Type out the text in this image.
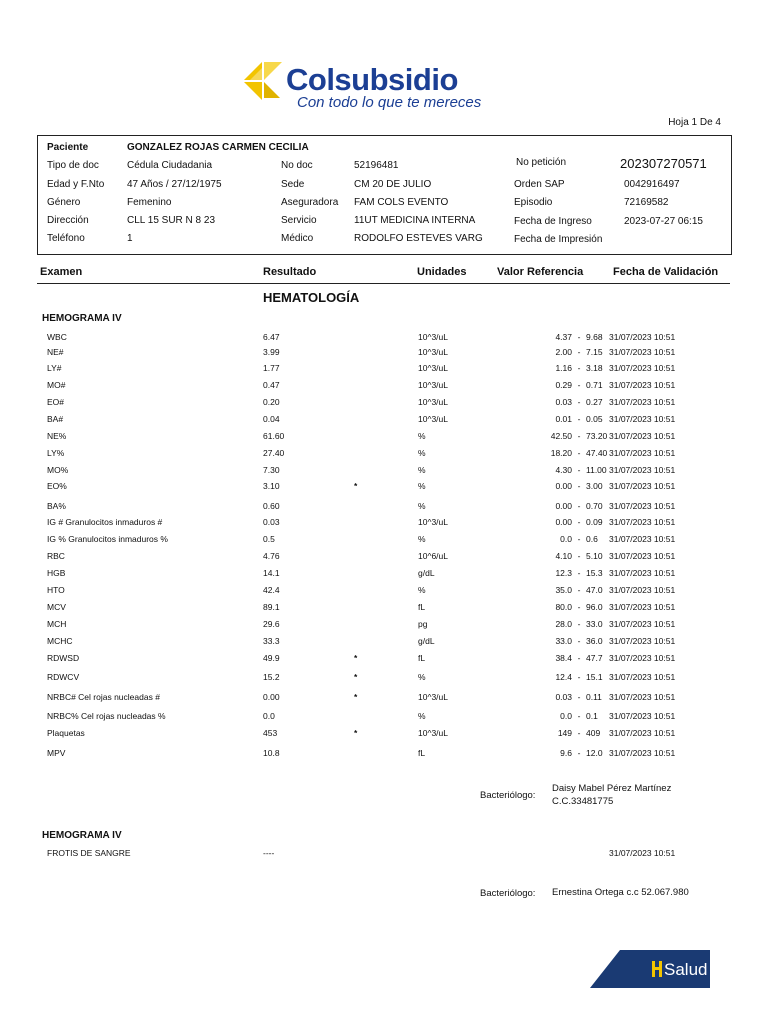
Colsubsidio
Con todo lo que te mereces
Hoja 1 De 4
Paciente	GONZALEZ ROJAS CARMEN CECILIA
Tipo de doc	Cédula Ciudadania
Edad y F.Nto 47 Años / 27/12/1975
Género	Femenino
Dirección	CLL 15 SUR N 8 23
Teléfono	1
No doc	52196481
Sede	CM 20 DE JULIO
Aseguradora FAM COLS EVENTO
Servicio	11UT MEDICINA INTERNA
Médico	RODOLFO ESTEVES VARG
No petición	202307270571
Orden SAP	0042916497
Episodio	72169582
Fecha de Ingreso	2023-07-27 06:15
Fecha de Impresión
Examen	Resultado	Unidades	Valor Referencia	Fecha de Validación
HEMATOLOGÍA
HEMOGRAMA IV
WBC	6.47	10^3/uL	4.37 - 9.68 31/07/2023 10:51
NE#	3.99	10^3/uL	2.00 - 7.15 31/07/2023 10:51
LY#	1.77	10^3/uL	1.16 - 3.18 31/07/2023 10:51
MO#	0.47	10^3/uL	0.29 - 0.71 31/07/2023 10:51
EO#	0.20	10^3/uL	0.03 - 0.27 31/07/2023 10:51
BA#	0.04	10^3/uL	0.01 - 0.05 31/07/2023 10:51
NE%	61.60	%	42.50 - 73.20 31/07/2023 10:51
LY%	27.40	%	18.20 - 47.40 31/07/2023 10:51
MO%	7.30	%	4.30 - 11.00 31/07/2023 10:51
EO%	3.10	*	%	0.00 - 3.00 31/07/2023 10:51
BA%	0.60	%	0.00 - 0.70 31/07/2023 10:51
IG # Granulocitos inmaduros #	0.03	10^3/uL	0.00 - 0.09 31/07/2023 10:51
IG % Granulocitos inmaduros %	0.5	%	0.0 - 0.6	31/07/2023 10:51
RBC	4.76	10^6/uL	4.10 - 5.10 31/07/2023 10:51
HGB	14.1	g/dL	12.3 - 15.3 31/07/2023 10:51
HTO	42.4	%	35.0 - 47.0 31/07/2023 10:51
MCV	89.1	fL	80.0 - 96.0 31/07/2023 10:51
MCH	29.6	pg	28.0 - 33.0 31/07/2023 10:51
MCHC	33.3	g/dL	33.0 - 36.0 31/07/2023 10:51
RDWSD	49.9	*	fL	38.4 - 47.7 31/07/2023 10:51
RDWCV	15.2	*	%	12.4 - 15.1 31/07/2023 10:51
NRBC# Cel rojas nucleadas #	0.00	*	10^3/uL	0.03 - 0.11 31/07/2023 10:51
NRBC% Cel rojas nucleadas %	0.0	%	0.0 - 0.1	31/07/2023 10:51
Plaquetas	453	*	10^3/uL	149 - 409	31/07/2023 10:51
MPV	10.8	fL	9.6 - 12.0 31/07/2023 10:51
Bacteriólogo:
Daisy Mabel Pérez Martínez
C.C.33481775
HEMOGRAMA IV
FROTIS DE SANGRE	----	31/07/2023 10:51
Bacteriólogo: Ernestina Ortega c.c 52.067.980
Salud
